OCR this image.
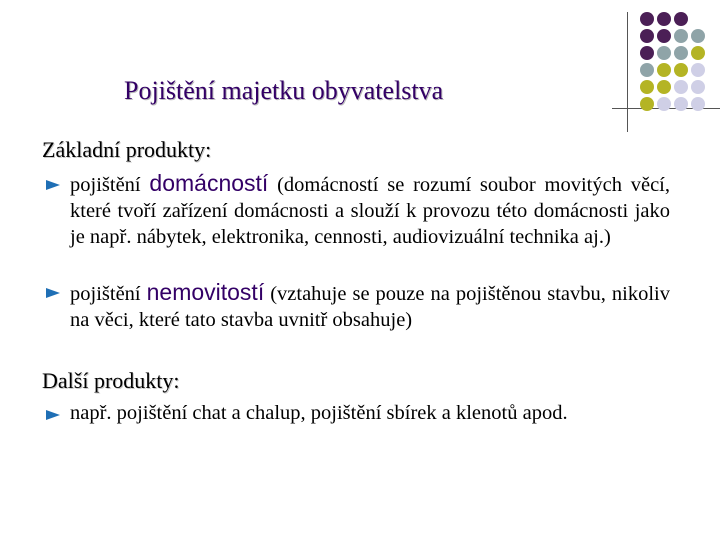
Pojištění majetku obyvatelstva
Základní produkty:
pojištění domácností (domácností se rozumí soubor movitých věcí, které tvoří zařízení domácnosti a slouží k provozu této domácnosti jako je např. nábytek, elektronika, cennosti, audiovizuální technika aj.)
pojištění nemovitostí (vztahuje se pouze na pojištěnou stavbu, nikoliv na věci, které tato stavba uvnitř obsahuje)
Další produkty:
např. pojištění chat a chalup, pojištění sbírek a klenotů apod.
